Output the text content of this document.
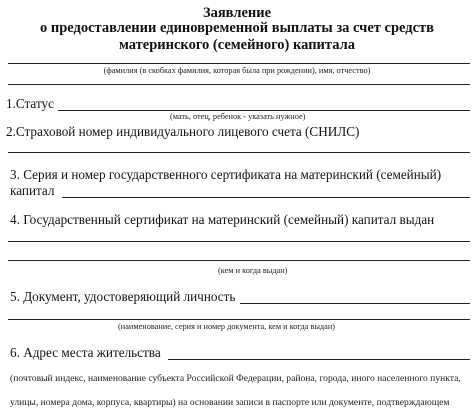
Заявление
о предоставлении единовременной выплаты за счет средств
материнского (семейного) капитала
(фамилия (в скобках фамилия, которая была при рождении), имя, отчество)
1.Статус
(мать, отец, ребенок - указать нужное)
2.Страховой номер индивидуального лицевого счета (СНИЛС)
3. Серия и номер государственного сертификата на материнский (семейный)
капитал
4. Государственный сертификат на материнский (семейный) капитал выдан
(кем и когда выдан)
5. Документ, удостоверяющий личность
(наименование, серия и номер документа, кем и когда выдан)
6. Адрес места жительства
(почтовый индекс, наименование субъекта Российской Федерации, района, города, иного населенного пункта,
улицы, номера дома, корпуса, квартиры) на основании записи в паспорте или документе, подтверждающем
